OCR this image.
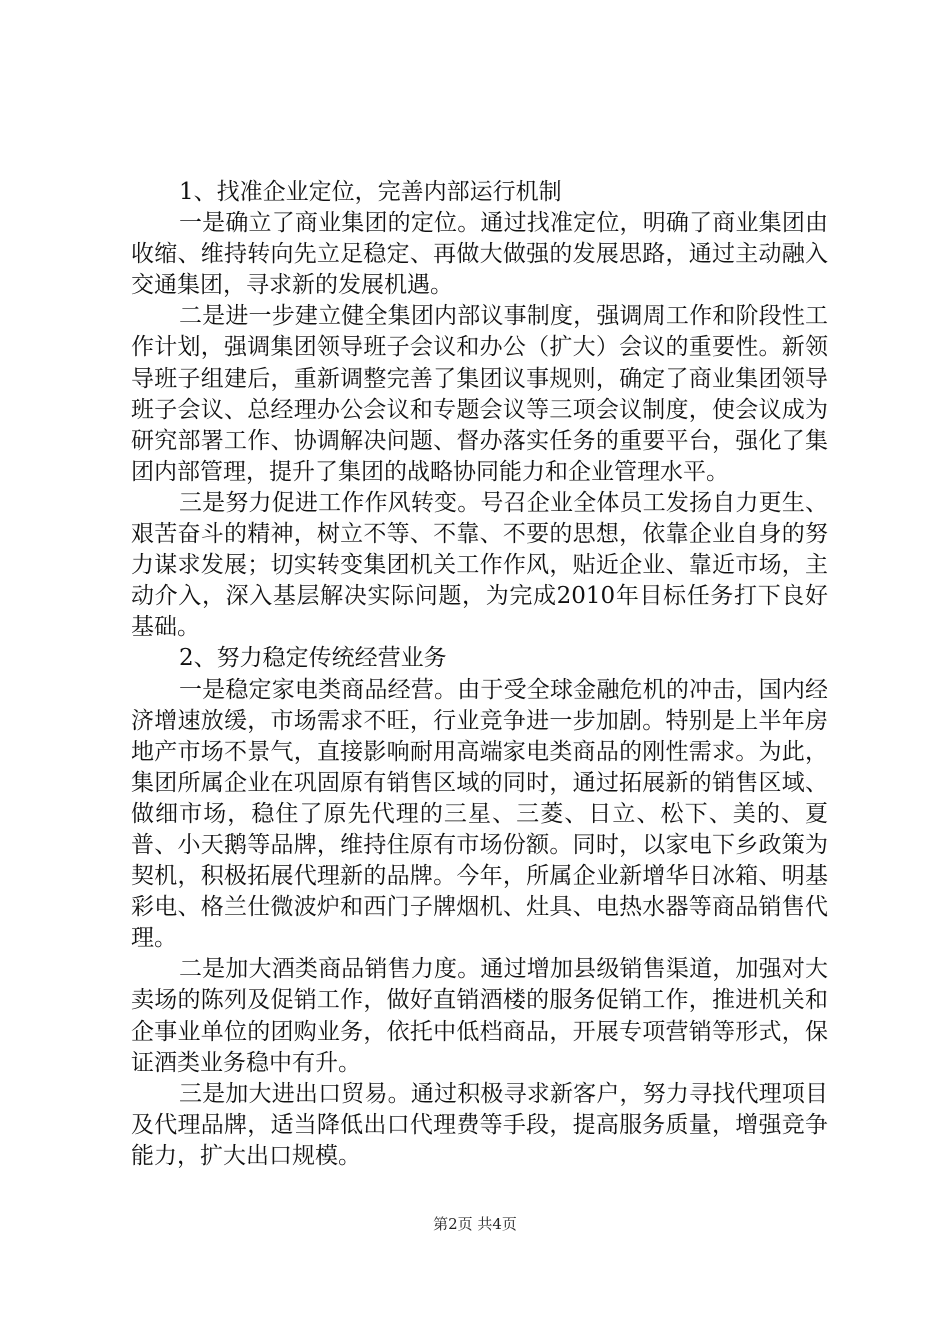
1、找准企业定位，完善内部运行机制

一是确立了商业集团的定位。通过找准定位，明确了商业集团由收缩、维持转向先立足稳定、再做大做强的发展思路，通过主动融入交通集团，寻求新的发展机遇。

二是进一步建立健全集团内部议事制度，强调周工作和阶段性工作计划，强调集团领导班子会议和办公（扩大）会议的重要性。新领导班子组建后，重新调整完善了集团议事规则，确定了商业集团领导班子会议、总经理办公会议和专题会议等三项会议制度，使会议成为研究部署工作、协调解决问题、督办落实任务的重要平台，强化了集团内部管理，提升了集团的战略协同能力和企业管理水平。

三是努力促进工作作风转变。号召企业全体员工发扬自力更生、艰苦奋斗的精神，树立不等、不靠、不要的思想，依靠企业自身的努力谋求发展；切实转变集团机关工作作风，贴近企业、靠近市场，主动介入，深入基层解决实际问题，为完成2010年目标任务打下良好基础。

2、努力稳定传统经营业务

一是稳定家电类商品经营。由于受全球金融危机的冲击，国内经济增速放缓，市场需求不旺，行业竞争进一步加剧。特别是上半年房地产市场不景气，直接影响耐用高端家电类商品的刚性需求。为此，集团所属企业在巩固原有销售区域的同时，通过拓展新的销售区域、做细市场，稳住了原先代理的三星、三菱、日立、松下、美的、夏普、小天鹅等品牌，维持住原有市场份额。同时，以家电下乡政策为契机，积极拓展代理新的品牌。今年，所属企业新增华日冰箱、明基彩电、格兰仕微波炉和西门子牌烟机、灶具、电热水器等商品销售代理。

二是加大酒类商品销售力度。通过增加县级销售渠道，加强对大卖场的陈列及促销工作，做好直销酒楼的服务促销工作，推进机关和企事业单位的团购业务，依托中低档商品，开展专项营销等形式，保证酒类业务稳中有升。

三是加大进出口贸易。通过积极寻求新客户，努力寻找代理项目及代理品牌，适当降低出口代理费等手段，提高服务质量，增强竞争能力，扩大出口规模。

第2页 共4页
